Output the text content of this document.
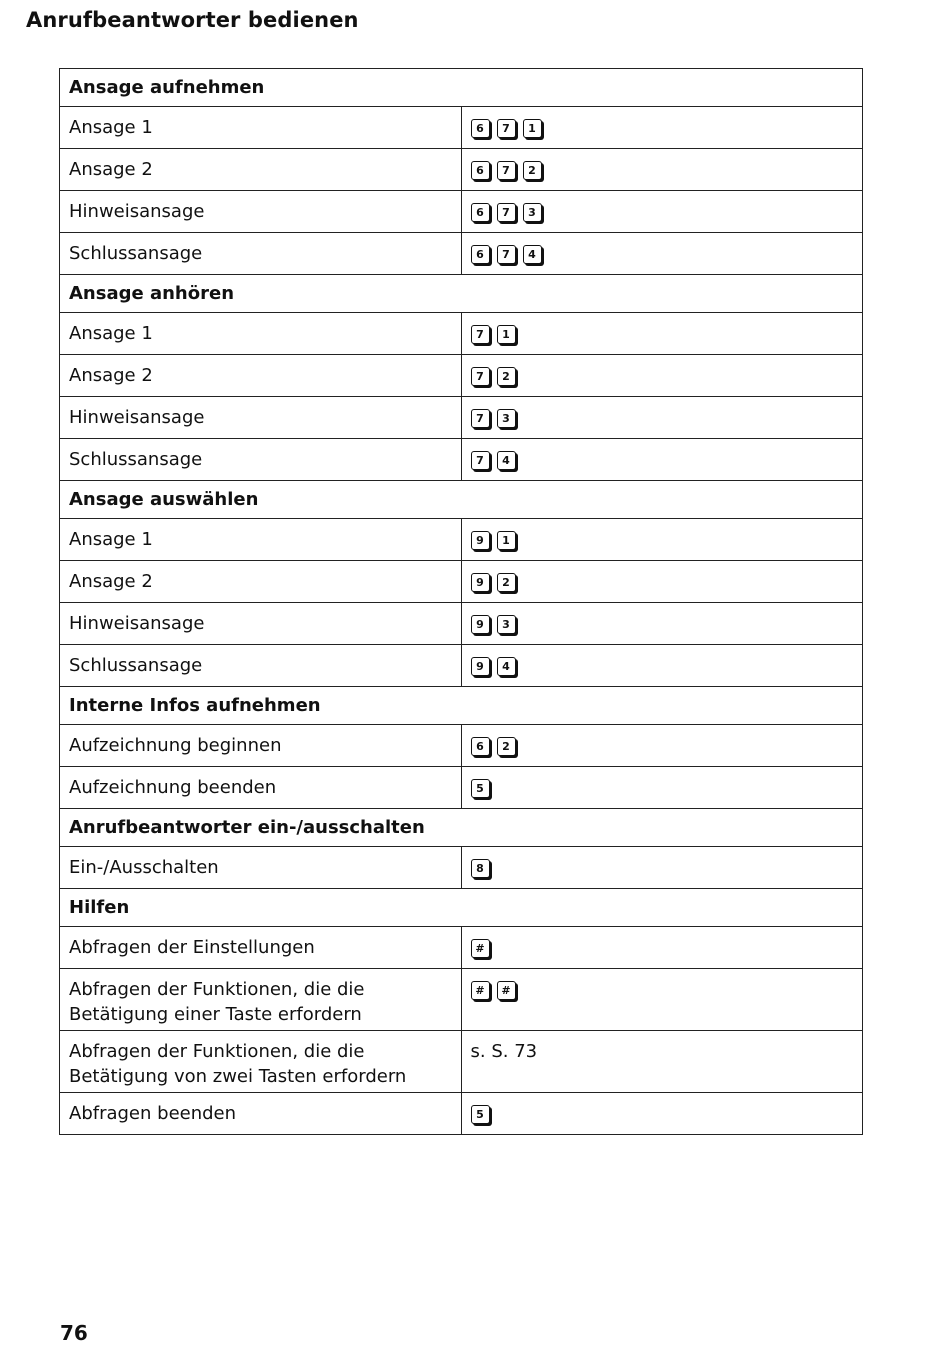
Anrufbeantworter bedienen
Ansage aufnehmen	
Ansage 1	6 7 1

Ansage 2	6 7 2

Hinweisansage	6 7 3

Schlussansage	6 7 4

Ansage anhören	
Ansage 1	7 1

Ansage 2	7 2

Hinweisansage	7 3

Schlussansage	7 4

Ansage auswählen	
Ansage 1	9 1

Ansage 2	9 2

Hinweisansage	9 3

Schlussansage	9 4

Interne Infos aufnehmen	
Aufzeichnung beginnen	6 2

Aufzeichnung beenden	5

Anrufbeantworter ein-/ausschalten	
Ein-/Ausschalten	8

Hilfen	
Abfragen der Einstellungen	#

Abfragen der Funktionen, die die Betätigung einer Taste erfordern	# #

Abfragen der Funktionen, die die Betätigung von zwei Tasten erfordern	s. S. 73
Abfragen beenden	5
76
